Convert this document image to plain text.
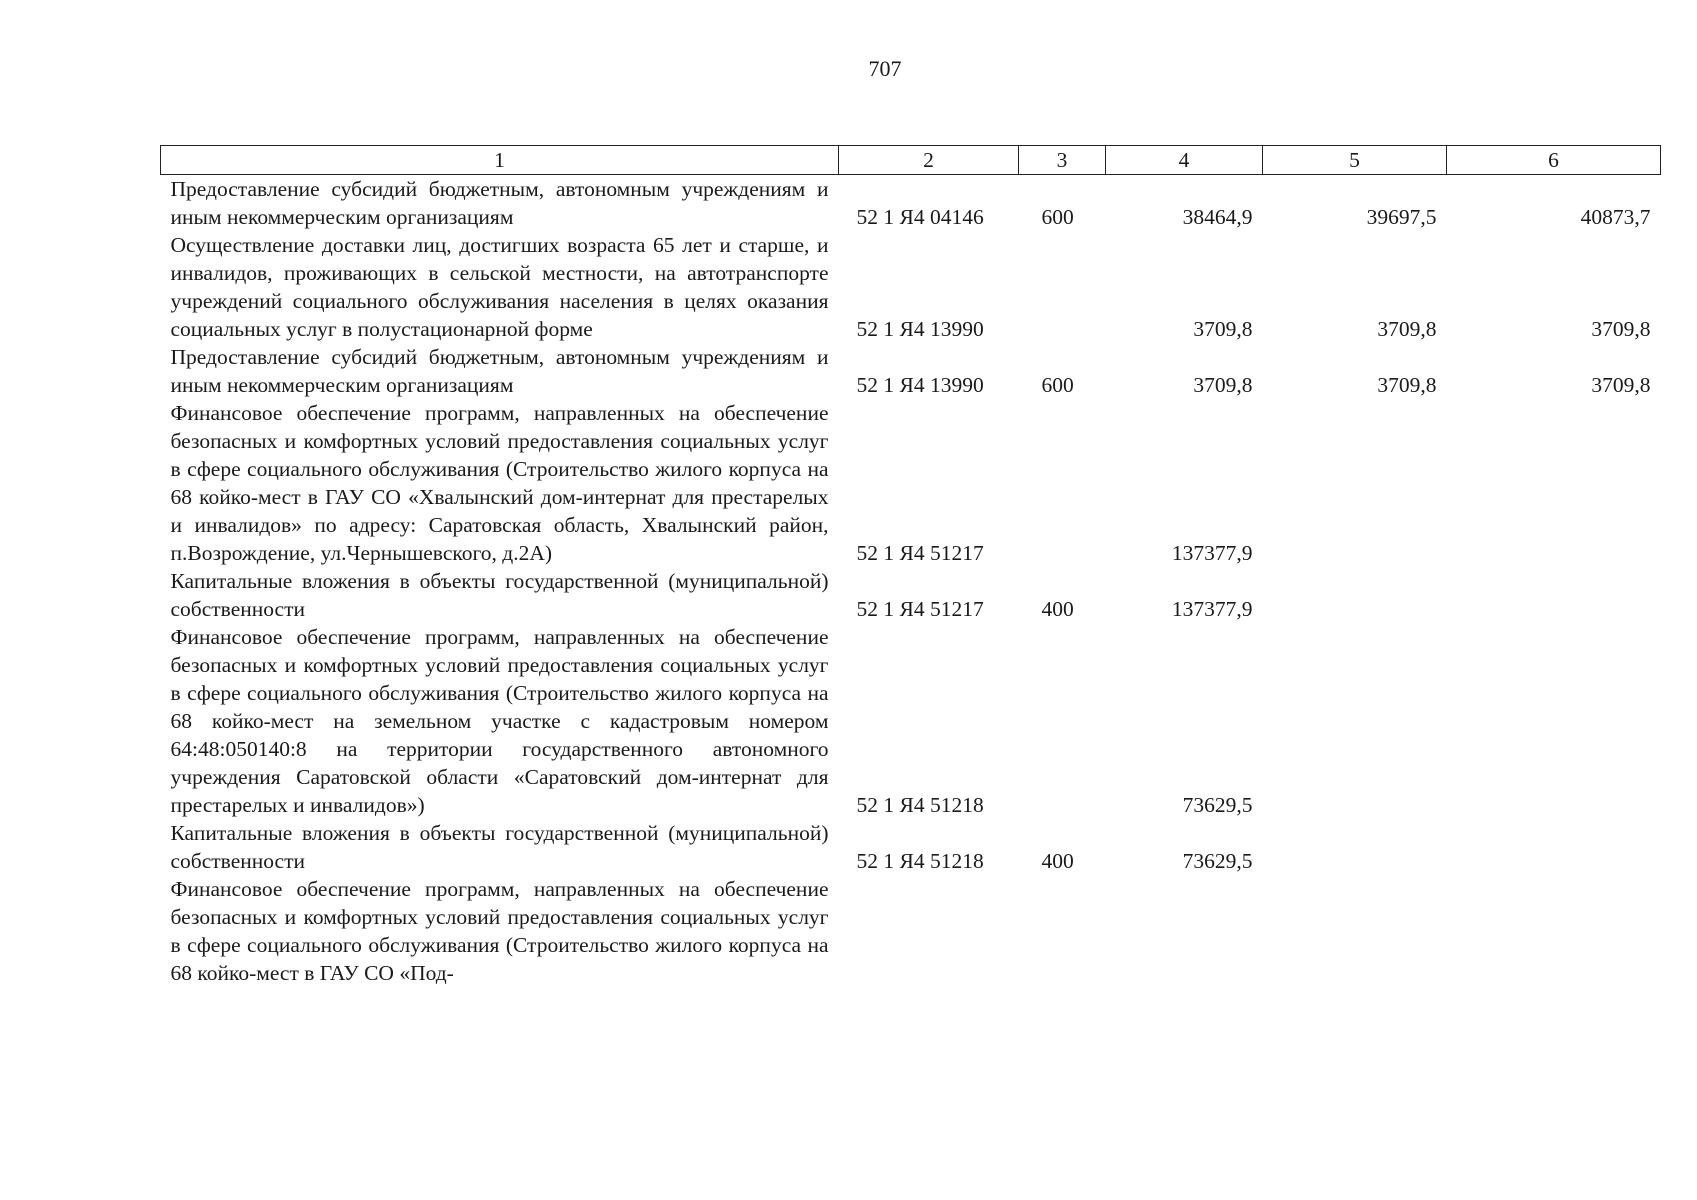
707
1	2	3	4	5	6
Предоставление субсидий бюджетным, автономным учреждениям и иным некоммерческим организациям	52 1 Я4 04146	600	38464,9	39697,5	40873,7
Осуществление доставки лиц, достигших возраста 65 лет и старше, и инвалидов, проживающих в сельской местности, на автотранспорте учреждений социального обслуживания населения в целях оказания социальных услуг в полустационарной форме	52 1 Я4 13990		3709,8	3709,8	3709,8
Предоставление субсидий бюджетным, автономным учреждениям и иным некоммерческим организациям	52 1 Я4 13990	600	3709,8	3709,8	3709,8
Финансовое обеспечение программ, направленных на обеспечение безопасных и комфортных условий предоставления социальных услуг в сфере социального обслуживания (Строительство жилого корпуса на 68 койко-мест в ГАУ СО «Хвалынский дом-интернат для престарелых и инвалидов» по адресу: Саратовская область, Хвалынский район, п.Возрождение, ул.Чернышевского, д.2А)	52 1 Я4 51217		137377,9		
Капитальные вложения в объекты государственной (муниципальной) собственности	52 1 Я4 51217	400	137377,9		
Финансовое обеспечение программ, направленных на обеспечение безопасных и комфортных условий предоставления социальных услуг в сфере социального обслуживания (Строительство жилого корпуса на 68 койко-мест на земельном участке с кадастровым номером 64:48:050140:8 на территории государственного автономного учреждения Саратовской области «Саратовский дом-интернат для престарелых и инвалидов»)	52 1 Я4 51218		73629,5		
Капитальные вложения в объекты государственной (муниципальной) собственности	52 1 Я4 51218	400	73629,5		
Финансовое обеспечение программ, направленных на обеспечение безопасных и комфортных условий предоставления социальных услуг в сфере социального обслуживания (Строительство жилого корпуса на 68 койко-мест в ГАУ СО «Под-					
